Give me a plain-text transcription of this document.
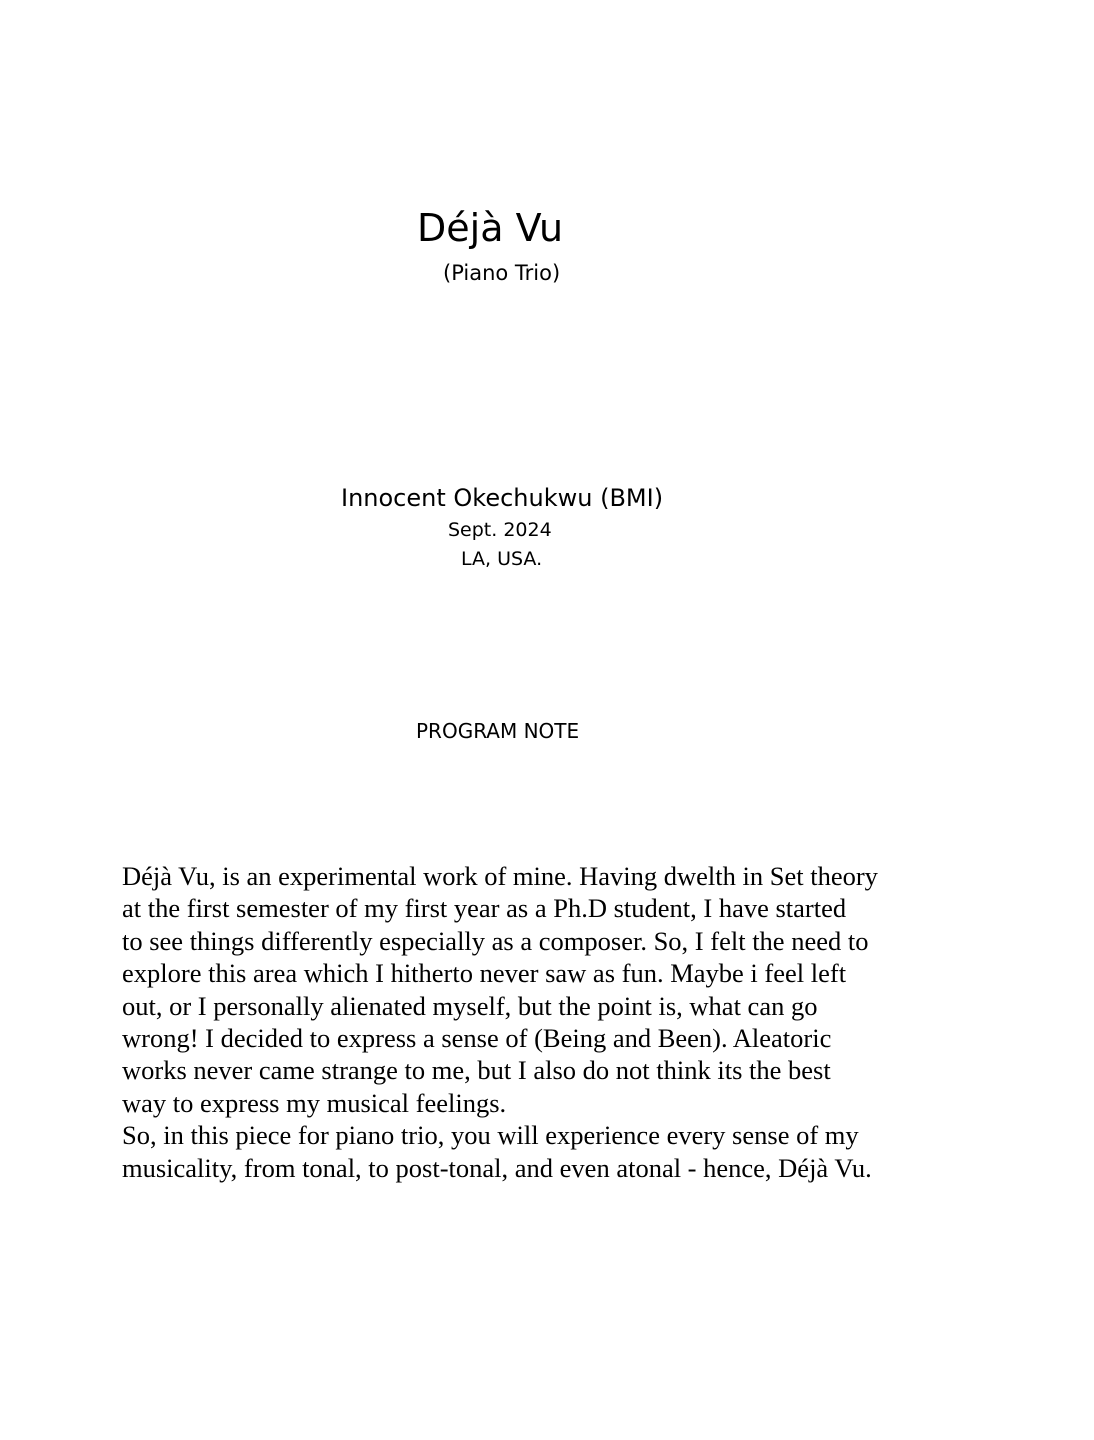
Déjà Vu
(Piano Trio)
Innocent Okechukwu (BMI)
Sept. 2024
LA, USA.
PROGRAM NOTE
Déjà Vu, is an experimental work of mine. Having dwelth in Set theory
at the first semester of my first year as a Ph.D student, I have started
to see things differently especially as a composer. So, I felt the need to
explore this area which I hitherto never saw as fun. Maybe i feel left
out, or I personally alienated myself, but the point is, what can go
wrong! I decided to express a sense of (Being and Been). Aleatoric
works never came strange to me, but I also do not think its the best
way to express my musical feelings.
So, in this piece for piano trio, you will experience every sense of my
musicality, from tonal, to post-tonal, and even atonal - hence, Déjà Vu.
